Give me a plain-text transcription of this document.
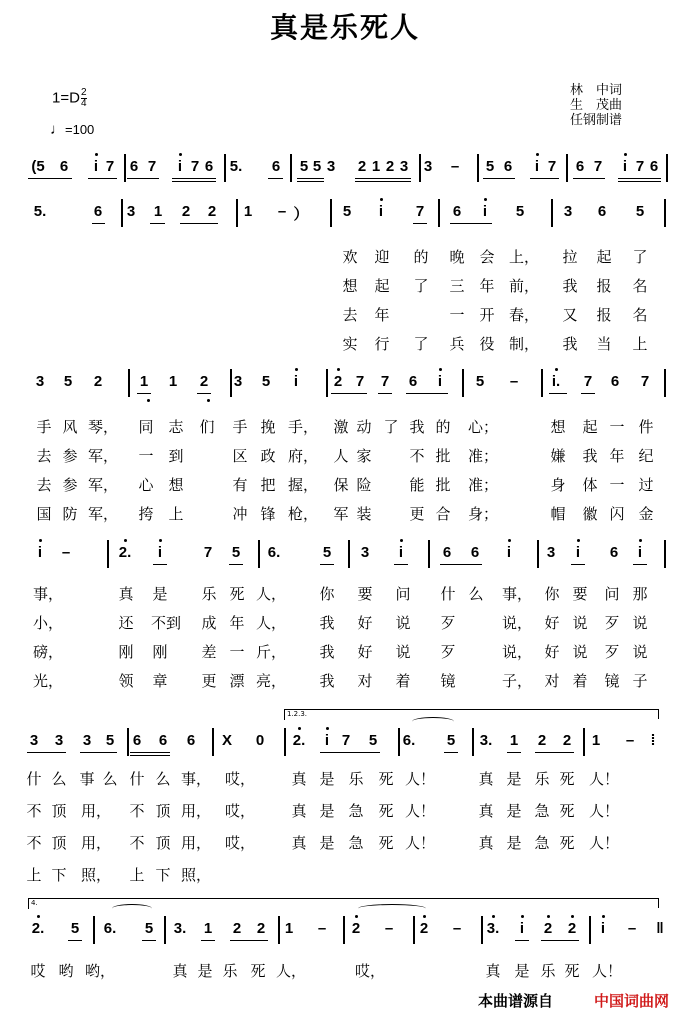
真是乐死人
$1=D \frac{2}{4}$
♩=100
林　中词
生　茂曲
任钢制谱
(5 6 i 7 6 7 i 7 6 5. 6 5 5 3 2 1 2 3 3 – 5 6 i 7 6 7 i 7 6
5.	6 3 1 2 2 1 – ） 5 i 7 6 i 5	3 6 5
3 5 2	1 1 2 3 5 i 2 7 7 6 i 5 – i. 7 6 7
i –	2. i	7 5 6.	5 3 i	6 6 i 3 i 6 i
3 3 3 5 6 6 6 X 0 2. i 7 5 6. 5 3. 1 2 2 1 – ⁞
2. 5 6. 5 3. 1 2 2 1 – 2 – 2 – 3. i 2 2 i – ‖
欢 迎 的 晚 会 上， 拉 起 了
想 起 了 三 年 前， 我 报 名
去 年	一 开 春， 又 报 名
实 行 了 兵 役 制， 我 当 上
手 风 琴， 同 志 们 手 挽 手， 激 动 了 我 的 心；	想 起 一 件
去 参 军， 一 到	区 政 府， 人 家	不 批 准；	嫌 我 年 纪
去 参 军， 心 想	有 把 握， 保 险	能 批 准；	身 体 一 过
国 防 军， 挎 上	冲 锋 枪， 军 装	更 合 身；	帽 徽 闪 金
事，	真 是 乐 死 人， 你 要 问 什 么 事， 你 要 问 那
小，	还 不到 成 年 人， 我 好 说 歹	说， 好 说 歹 说
磅，	刚 刚 差 一 斤， 我 好 说 歹	说， 好 说 歹 说
光，	领 章 更 漂 亮， 我 对 着 镜	子， 对 着 镜 子
什 么 事 么 什 么 事， 哎， 真 是 乐 死 人！	真 是 乐 死 人！
不 顶 用， 不 顶 用， 哎， 真 是 急 死 人！	真 是 急 死 人！
不 顶 用， 不 顶 用， 哎， 真 是 急 死 人！	真 是 急 死 人！
上 下 照， 上 下 照，
哎 哟 哟，	真 是 乐 死 人，	哎，	真 是 乐 死 人！
1.2.3.
4.
本曲谱源自	中国词曲网
